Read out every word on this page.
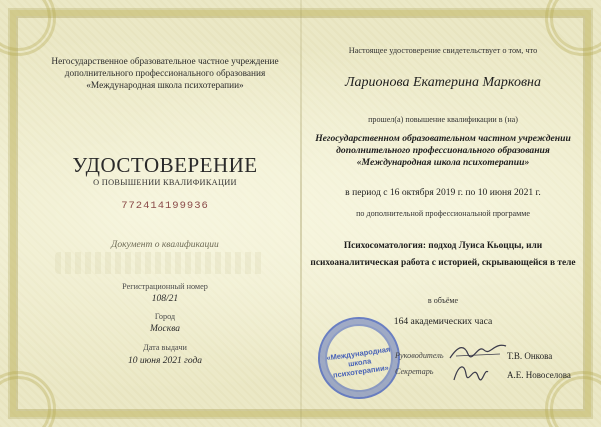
Негосударственное образовательное частное учреждение дополнительного профессионального образования «Международная школа психотерапии»
УДОСТОВЕРЕНИЕ
О ПОВЫШЕНИИ КВАЛИФИКАЦИИ
772414199936
Документ о квалификации
Регистрационный номер
108/21
Город
Москва
Дата выдачи
10 июня 2021 года
Настоящее удостоверение свидетельствует о том, что
Ларионова Екатерина Марковна
прошел(а) повышение квалификации в (на)
Негосударственном образовательном частном учреждении дополнительного профессионального образования «Международная школа психотерапии»
в период с 16 октября 2019 г. по 10 июня 2021 г.
по дополнительной профессиональной программе
Психосоматология: подход Луиса Кьоццы, или психоаналитическая работа с историей, скрывающейся в теле
в объёме
164 академических часа
«Международная школа психотерапии»
Руководитель	Т.В. Онкова
Секретарь	А.Е. Новоселова
